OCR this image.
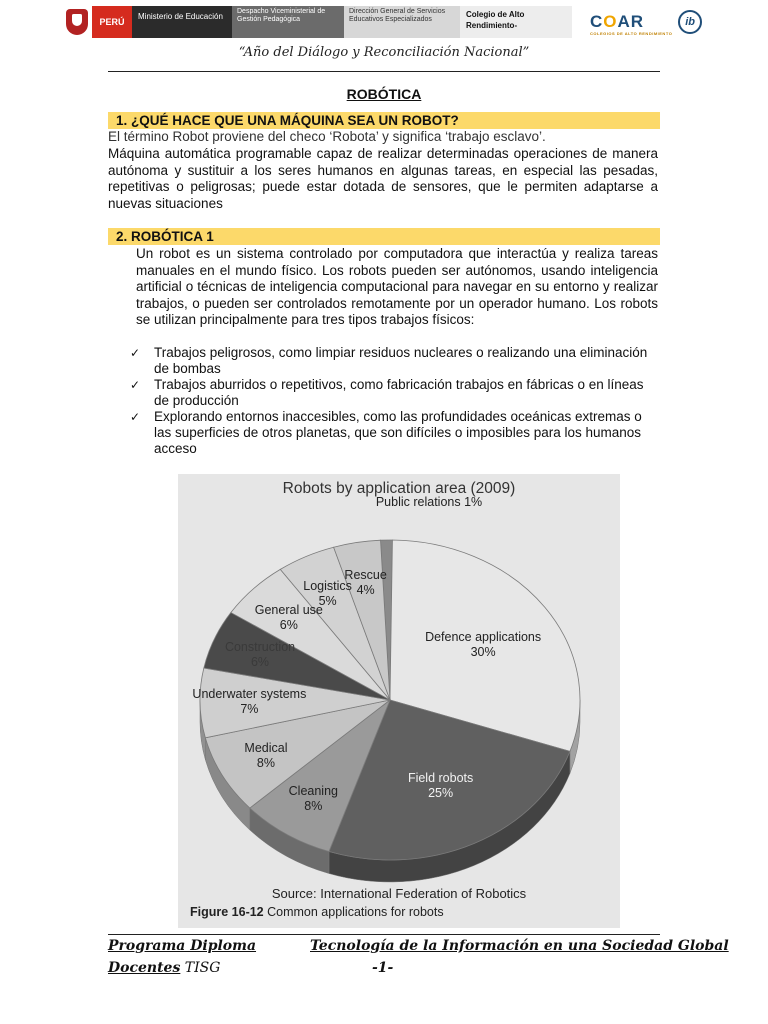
PERÚ
Ministerio de Educación
Despacho Viceministerial de Gestión Pedagógica
Dirección General de Servicios Educativos Especializados	Colegio de Alto Rendimiento-	COAR
COLEGIOS DE ALTO RENDIMIENTO
ib
“Año del Diálogo y Reconciliación Nacional”
ROBÓTICA
1. ¿QUÉ HACE QUE UNA MÁQUINA SEA UN ROBOT?
El término Robot proviene del checo ‘Robota’ y significa ‘trabajo esclavo’.
Máquina automática programable capaz de realizar determinadas operaciones de manera autónoma y sustituir a los seres humanos en algunas tareas, en especial las pesadas, repetitivas o peligrosas; puede estar dotada de sensores, que le permiten adaptarse a nuevas situaciones
2. ROBÓTICA 1
Un robot es un sistema controlado por computadora que interactúa y realiza tareas manuales en el mundo físico. Los robots pueden ser autónomos, usando inteligencia artificial o técnicas de inteligencia computacional para navegar en su entorno y realizar trabajos, o pueden ser controlados remotamente por un operador humano. Los robots se utilizan principalmente para tres tipos trabajos físicos:
✓ Trabajos peligrosos, como limpiar residuos nucleares o realizando una eliminación de bombas
✓ Trabajos aburridos o repetitivos, como fabricación trabajos en fábricas o en líneas de producción
✓ Explorando entornos inaccesibles, como las profundidades oceánicas extremas o las superficies de otros planetas, que son difíciles o imposibles para los humanos acceso
Robots by application area (2009)
Public relations 1%
Defence applications
30%
Field robots
25%
Cleaning
8%
Medical
8%
Underwater systems
7%
Construction
6%
General use
6%
Logistics
5%
Rescue
4%
Source: International Federation of Robotics
Figure 16-12 Common applications for robots
Programa Diploma	Tecnología de la Información en una Sociedad Global
Docentes TISG	-1-
